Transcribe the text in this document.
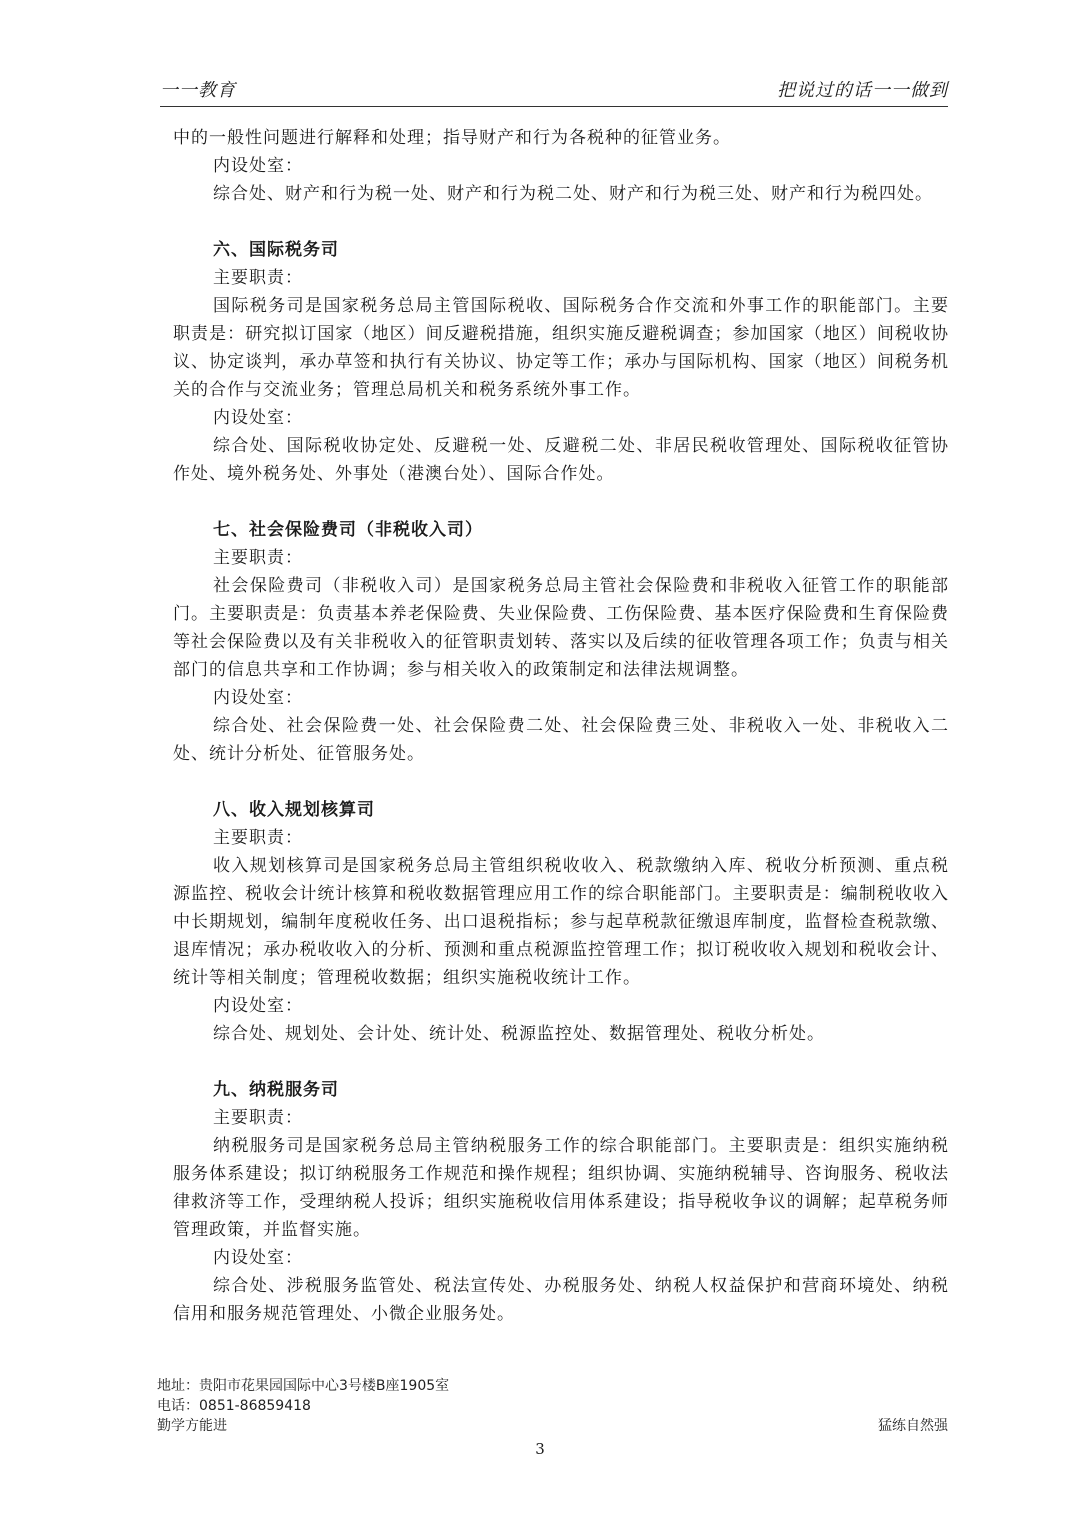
一一教育	把说过的话一一做到

中的一般性问题进行解释和处理；指导财产和行为各税种的征管业务。

内设处室：

综合处、财产和行为税一处、财产和行为税二处、财产和行为税三处、财产和行为税四处。

六、国际税务司

主要职责：

国际税务司是国家税务总局主管国际税收、国际税务合作交流和外事工作的职能部门。主要职责是：研究拟订国家（地区）间反避税措施，组织实施反避税调查；参加国家（地区）间税收协议、协定谈判，承办草签和执行有关协议、协定等工作；承办与国际机构、国家（地区）间税务机关的合作与交流业务；管理总局机关和税务系统外事工作。

内设处室：

综合处、国际税收协定处、反避税一处、反避税二处、非居民税收管理处、国际税收征管协作处、境外税务处、外事处（港澳台处）、国际合作处。

七、社会保险费司（非税收入司）

主要职责：

社会保险费司（非税收入司）是国家税务总局主管社会保险费和非税收入征管工作的职能部门。主要职责是：负责基本养老保险费、失业保险费、工伤保险费、基本医疗保险费和生育保险费等社会保险费以及有关非税收入的征管职责划转、落实以及后续的征收管理各项工作；负责与相关部门的信息共享和工作协调；参与相关收入的政策制定和法律法规调整。

内设处室：

综合处、社会保险费一处、社会保险费二处、社会保险费三处、非税收入一处、非税收入二处、统计分析处、征管服务处。

八、收入规划核算司

主要职责：

收入规划核算司是国家税务总局主管组织税收收入、税款缴纳入库、税收分析预测、重点税源监控、税收会计统计核算和税收数据管理应用工作的综合职能部门。主要职责是：编制税收收入中长期规划，编制年度税收任务、出口退税指标；参与起草税款征缴退库制度，监督检查税款缴、退库情况；承办税收收入的分析、预测和重点税源监控管理工作；拟订税收收入规划和税收会计、统计等相关制度；管理税收数据；组织实施税收统计工作。

内设处室：

综合处、规划处、会计处、统计处、税源监控处、数据管理处、税收分析处。

九、纳税服务司

主要职责：

纳税服务司是国家税务总局主管纳税服务工作的综合职能部门。主要职责是：组织实施纳税服务体系建设；拟订纳税服务工作规范和操作规程；组织协调、实施纳税辅导、咨询服务、税收法律救济等工作，受理纳税人投诉；组织实施税收信用体系建设；指导税收争议的调解；起草税务师管理政策，并监督实施。

内设处室：

综合处、涉税服务监管处、税法宣传处、办税服务处、纳税人权益保护和营商环境处、纳税信用和服务规范管理处、小微企业服务处。

地址：贵阳市花果园国际中心3号楼B座1905室
电话：0851-86859418
勤学方能进	猛练自然强
3
